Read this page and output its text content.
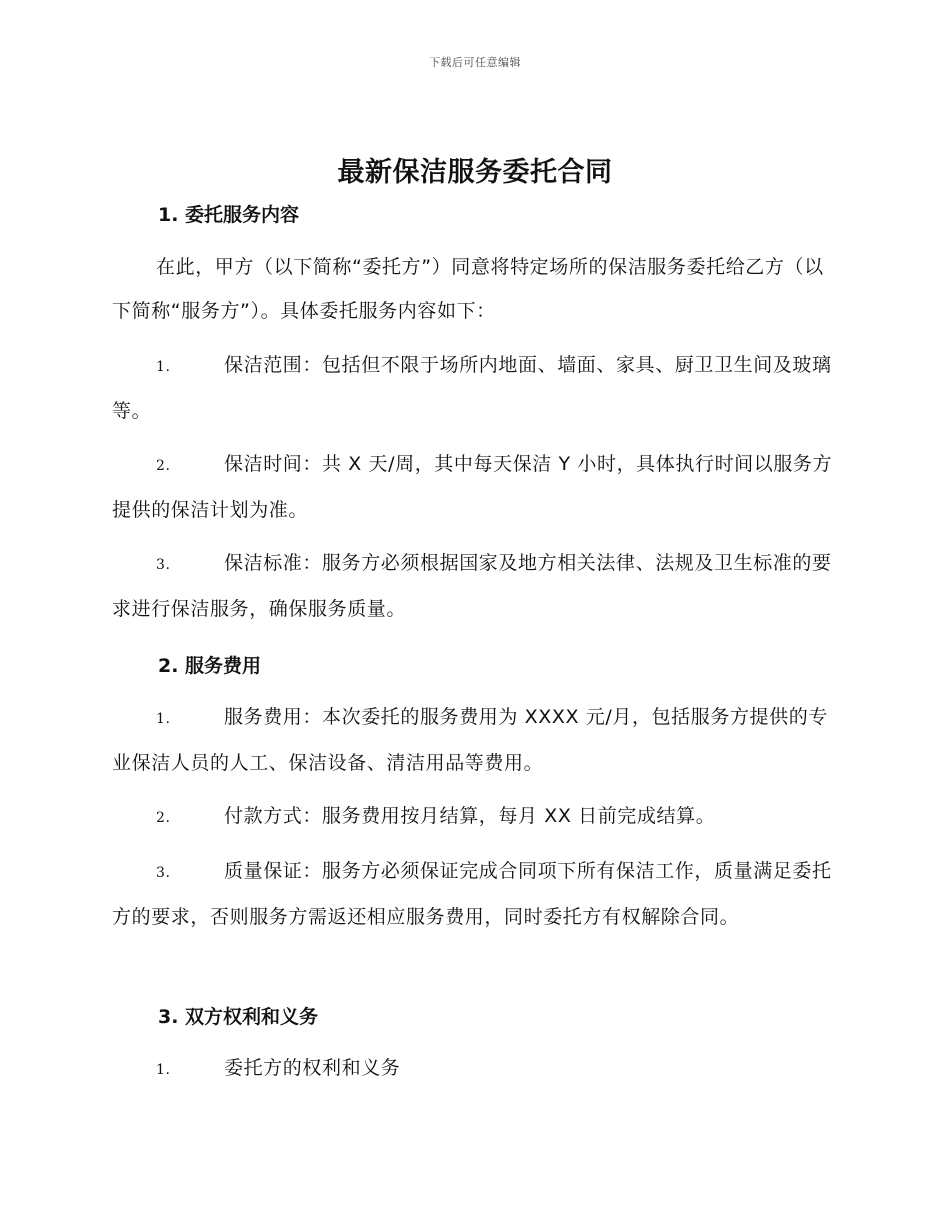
下载后可任意编辑
最新保洁服务委托合同
1. 委托服务内容
在此，甲方（以下简称“委托方”）同意将特定场所的保洁服务委托给乙方（以下简称“服务方”）。具体委托服务内容如下：
1.	保洁范围：包括但不限于场所内地面、墙面、家具、厨卫卫生间及玻璃等。
2.	保洁时间：共 X 天/周，其中每天保洁 Y 小时，具体执行时间以服务方提供的保洁计划为准。
3.	保洁标准：服务方必须根据国家及地方相关法律、法规及卫生标准的要求进行保洁服务，确保服务质量。
2. 服务费用
1.	服务费用：本次委托的服务费用为 XXXX 元/月，包括服务方提供的专业保洁人员的人工、保洁设备、清洁用品等费用。
2.	付款方式：服务费用按月结算，每月 XX 日前完成结算。
3.	质量保证：服务方必须保证完成合同项下所有保洁工作，质量满足委托方的要求，否则服务方需返还相应服务费用，同时委托方有权解除合同。
3. 双方权利和义务
1.	委托方的权利和义务
